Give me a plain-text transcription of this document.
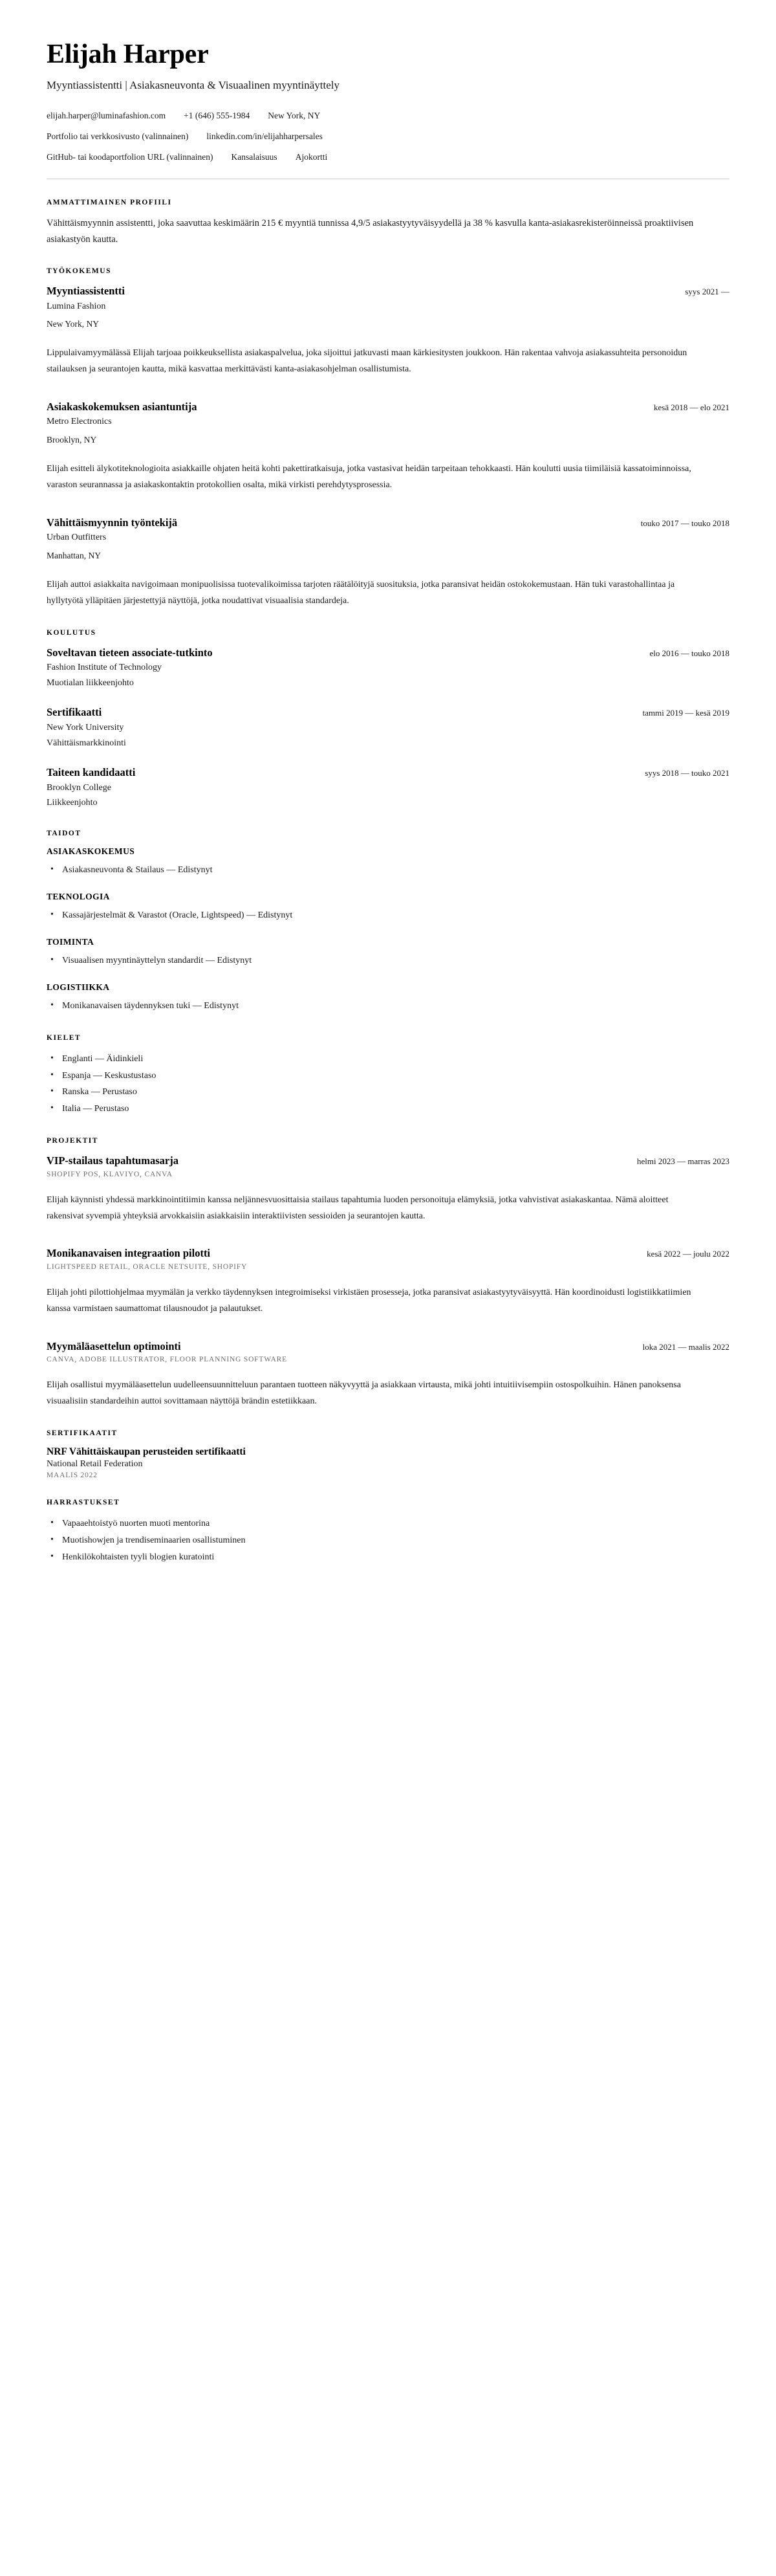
Elijah Harper

Myyntiassistentti | Asiakasneuvonta & Visuaalinen myyntinäyttely

elijah.harper@luminafashion.com +1 (646) 555-1984 New York, NY
Portfolio tai verkkosivusto (valinnainen) linkedin.com/in/elijahharpersales
GitHub- tai koodaportfolion URL (valinnainen) Kansalaisuus Ajokortti
AMMATTIMAINEN PROFIILI

Vähittäismyynnin assistentti, joka saavuttaa keskimäärin 215 € myyntiä tunnissa 4,9/5 asiakastyytyväisyydellä ja 38 % kasvulla kanta-asiakasrekisteröinneissä proaktiivisen asiakastyön kautta.

TYÖKOKEMUS
Myyntiassistentti	syys 2021 —

Lumina Fashion

New York, NY

Lippulaivamyymälässä Elijah tarjoaa poikkeuksellista asiakaspalvelua, joka sijoittui jatkuvasti maan kärkiesitysten joukkoon. Hän rakentaa vahvoja asiakassuhteita personoidun stailauksen ja seurantojen kautta, mikä kasvattaa merkittävästi kanta-asiakasohjelman osallistumista.

Asiakaskokemuksen asiantuntija	kesä 2018 — elo 2021

Metro Electronics

Brooklyn, NY

Elijah esitteli älykotiteknologioita asiakkaille ohjaten heitä kohti pakettiratkaisuja, jotka vastasivat heidän tarpeitaan tehokkaasti. Hän koulutti uusia tiimiläisiä kassatoiminnoissa, varaston seurannassa ja asiakaskontaktin protokollien osalta, mikä virkisti perehdytysprosessia.

Vähittäismyynnin työntekijä	touko 2017 — touko 2018

Urban Outfitters

Manhattan, NY

Elijah auttoi asiakkaita navigoimaan monipuolisissa tuotevalikoimissa tarjoten räätälöityjä suosituksia, jotka paransivat heidän ostokokemustaan. Hän tuki varastohallintaa ja hyllytyötä ylläpitäen järjestettyjä näyttöjä, jotka noudattivat visuaalisia standardeja.

KOULUTUS
Soveltavan tieteen associate-tutkinto	elo 2016 — touko 2018

Fashion Institute of Technology

Muotialan liikkeenjohto

Sertifikaatti	tammi 2019 — kesä 2019

New York University

Vähittäismarkkinointi

Taiteen kandidaatti	syys 2018 — touko 2021

Brooklyn College

Liikkeenjohto

TAIDOT
ASIAKASKOKEMUS
• Asiakasneuvonta & Stailaus — Edistynyt
TEKNOLOGIA
• Kassajärjestelmät & Varastot (Oracle, Lightspeed) — Edistynyt
TOIMINTA
• Visuaalisen myyntinäyttelyn standardit — Edistynyt
LOGISTIIKKA
• Monikanavaisen täydennyksen tuki — Edistynyt
KIELET
• Englanti — Äidinkieli
• Espanja — Keskustustaso
• Ranska — Perustaso
• Italia — Perustaso
PROJEKTIT
VIP-stailaus tapahtumasarja	helmi 2023 — marras 2023

SHOPIFY POS, KLAVIYO, CANVA

Elijah käynnisti yhdessä markkinointitiimin kanssa neljännesvuosittaisia stailaus tapahtumia luoden personoituja elämyksiä, jotka vahvistivat asiakaskantaa. Nämä aloitteet rakensivat syvempiä yhteyksiä arvokkaisiin asiakkaisiin interaktiivisten sessioiden ja seurantojen kautta.

Monikanavaisen integraation pilotti	kesä 2022 — joulu 2022

LIGHTSPEED RETAIL, ORACLE NETSUITE, SHOPIFY

Elijah johti pilottiohjelmaa myymälän ja verkko täydennyksen integroimiseksi virkistäen prosesseja, jotka paransivat asiakastyytyväisyyttä. Hän koordinoidusti logistiikkatiimien kanssa varmistaen saumattomat tilausnoudot ja palautukset.

Myymäläasettelun optimointi	loka 2021 — maalis 2022

CANVA, ADOBE ILLUSTRATOR, FLOOR PLANNING SOFTWARE

Elijah osallistui myymäläasettelun uudelleensuunnitteluun parantaen tuotteen näkyvyyttä ja asiakkaan virtausta, mikä johti intuitiivisempiin ostospolkuihin. Hänen panoksensa visuaalisiin standardeihin auttoi sovittamaan näyttöjä brändin estetiikkaan.

SERTIFIKAATIT
NRF Vähittäiskaupan perusteiden sertifikaatti

National Retail Federation

MAALIS 2022

HARRASTUKSET
• Vapaaehtoistyö nuorten muoti mentorina
• Muotishowjen ja trendiseminaarien osallistuminen
• Henkilökohtaisten tyyli blogien kuratointi
